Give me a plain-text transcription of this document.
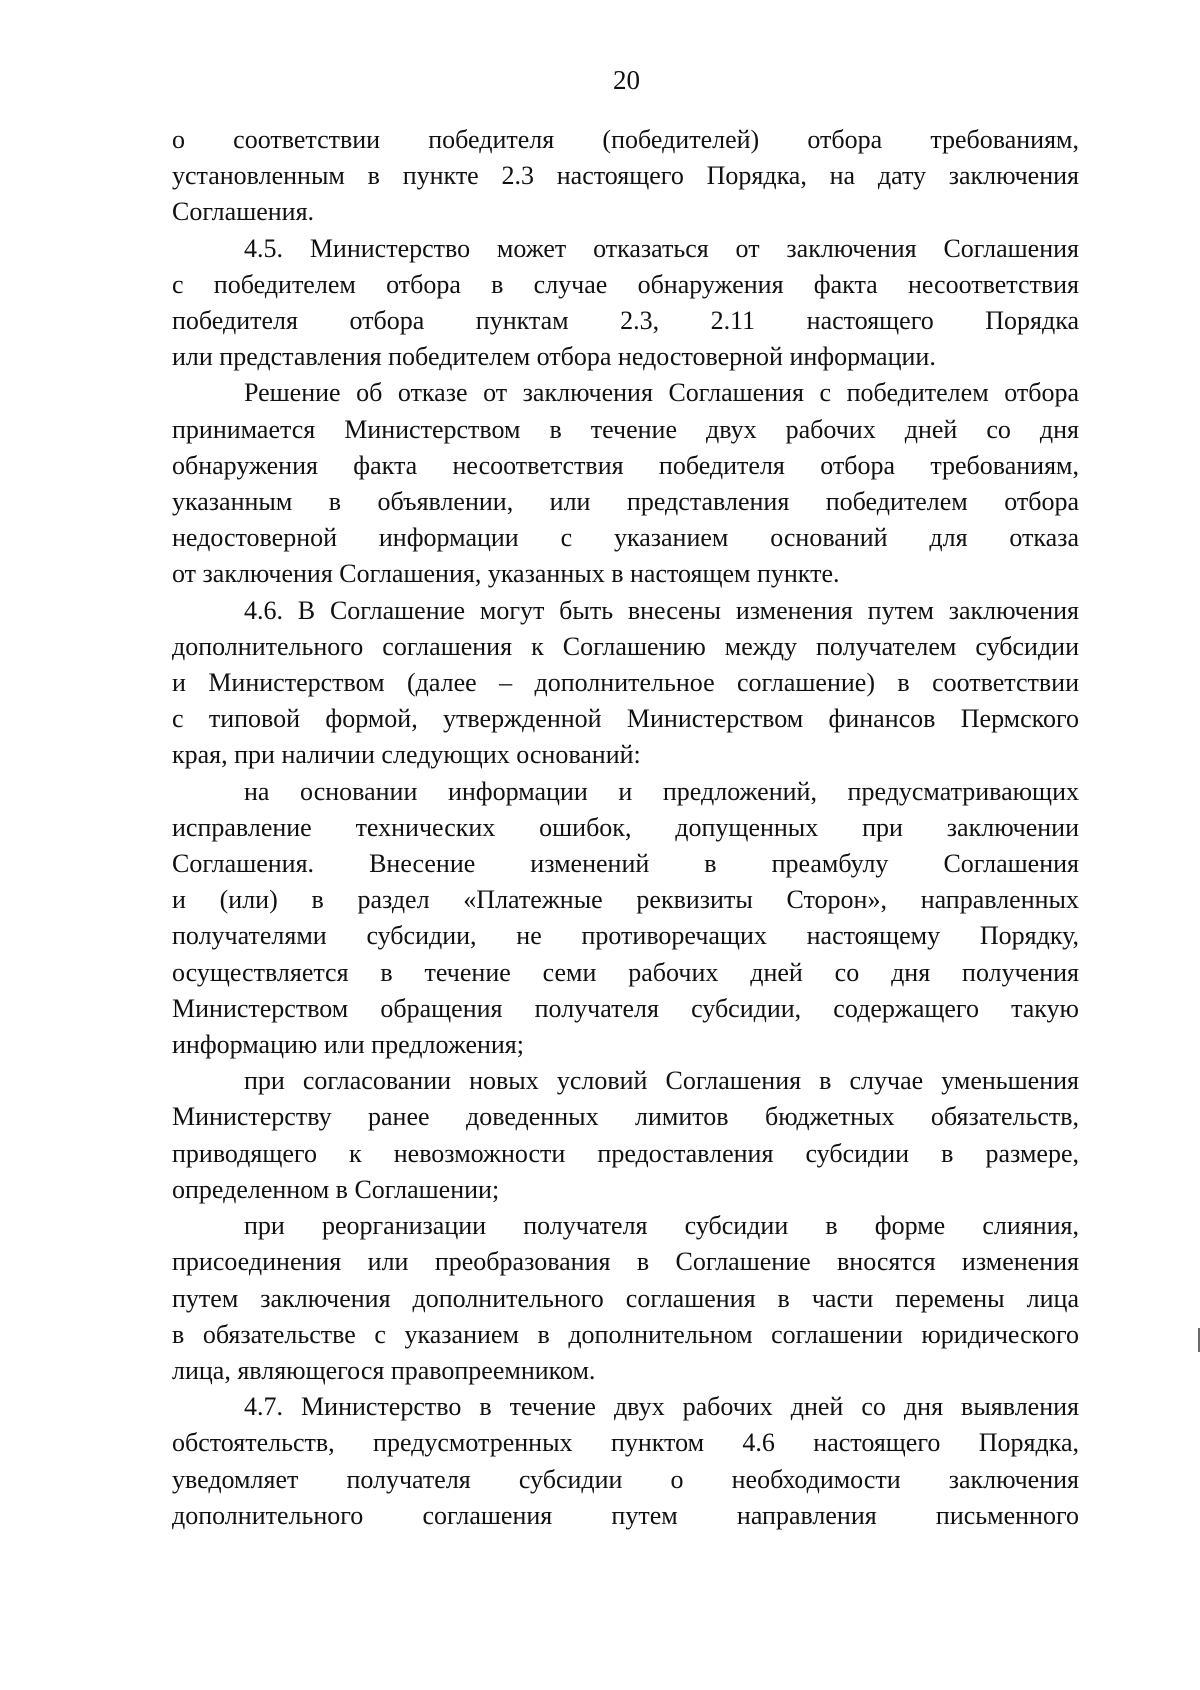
20
о соответствии победителя (победителей) отбора требованиям,
установленным в пункте 2.3 настоящего Порядка, на дату заключения
Соглашения.
4.5. Министерство может отказаться от заключения Соглашения
с победителем отбора в случае обнаружения факта несоответствия
победителя отбора пунктам 2.3, 2.11 настоящего Порядка
или представления победителем отбора недостоверной информации.
Решение об отказе от заключения Соглашения с победителем отбора
принимается Министерством в течение двух рабочих дней со дня
обнаружения факта несоответствия победителя отбора требованиям,
указанным в объявлении, или представления победителем отбора
недостоверной информации с указанием оснований для отказа
от заключения Соглашения, указанных в настоящем пункте.
4.6. В Соглашение могут быть внесены изменения путем заключения
дополнительного соглашения к Соглашению между получателем субсидии
и Министерством (далее – дополнительное соглашение) в соответствии
с типовой формой, утвержденной Министерством финансов Пермского
края, при наличии следующих оснований:
на основании информации и предложений, предусматривающих
исправление технических ошибок, допущенных при заключении
Соглашения. Внесение изменений в преамбулу Соглашения
и (или) в раздел «Платежные реквизиты Сторон», направленных
получателями субсидии, не противоречащих настоящему Порядку,
осуществляется в течение семи рабочих дней со дня получения
Министерством обращения получателя субсидии, содержащего такую
информацию или предложения;
при согласовании новых условий Соглашения в случае уменьшения
Министерству ранее доведенных лимитов бюджетных обязательств,
приводящего к невозможности предоставления субсидии в размере,
определенном в Соглашении;
при реорганизации получателя субсидии в форме слияния,
присоединения или преобразования в Соглашение вносятся изменения
путем заключения дополнительного соглашения в части перемены лица
в обязательстве с указанием в дополнительном соглашении юридического
лица, являющегося правопреемником.
4.7. Министерство в течение двух рабочих дней со дня выявления
обстоятельств, предусмотренных пунктом 4.6 настоящего Порядка,
уведомляет получателя субсидии о необходимости заключения
дополнительного соглашения путем направления письменного
